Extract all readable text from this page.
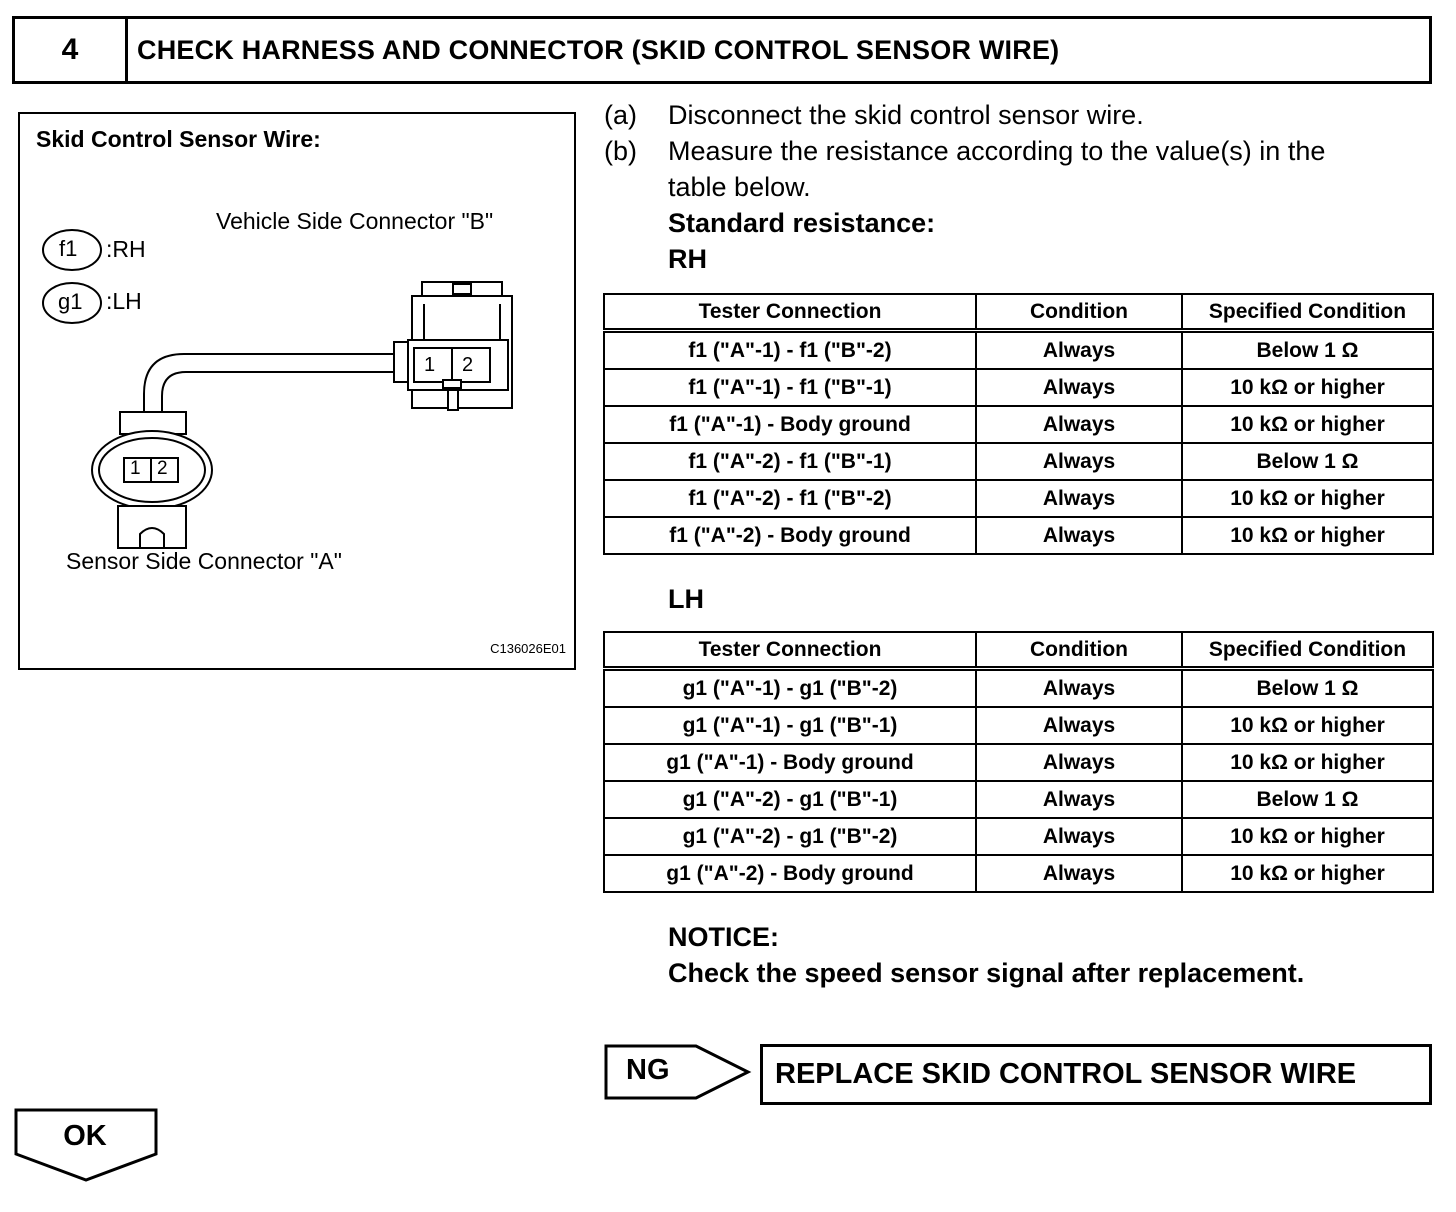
4	CHECK HARNESS AND CONNECTOR (SKID CONTROL SENSOR WIRE)
Skid Control Sensor Wire:
f1 :RH
g1 :LH
Vehicle Side Connector "B"
Sensor Side Connector "A"
1 2
1 2
C136026E01
(a) Disconnect the skid control sensor wire.
(b) Measure the resistance according to the value(s) in the
table below.
Standard resistance:
RH
Tester Connection	Condition	Specified Condition
f1 ("A"-1) - f1 ("B"-2)	Always	Below 1 Ω
f1 ("A"-1) - f1 ("B"-1)	Always	10 kΩ or higher
f1 ("A"-1) - Body ground	Always	10 kΩ or higher
f1 ("A"-2) - f1 ("B"-1)	Always	Below 1 Ω
f1 ("A"-2) - f1 ("B"-2)	Always	10 kΩ or higher
f1 ("A"-2) - Body ground	Always	10 kΩ or higher
LH
Tester Connection	Condition	Specified Condition
g1 ("A"-1) - g1 ("B"-2)	Always	Below 1 Ω
g1 ("A"-1) - g1 ("B"-1)	Always	10 kΩ or higher
g1 ("A"-1) - Body ground	Always	10 kΩ or higher
g1 ("A"-2) - g1 ("B"-1)	Always	Below 1 Ω
g1 ("A"-2) - g1 ("B"-2)	Always	10 kΩ or higher
g1 ("A"-2) - Body ground	Always	10 kΩ or higher
NOTICE:
Check the speed sensor signal after replacement.
NG	REPLACE SKID CONTROL SENSOR WIRE
OK
